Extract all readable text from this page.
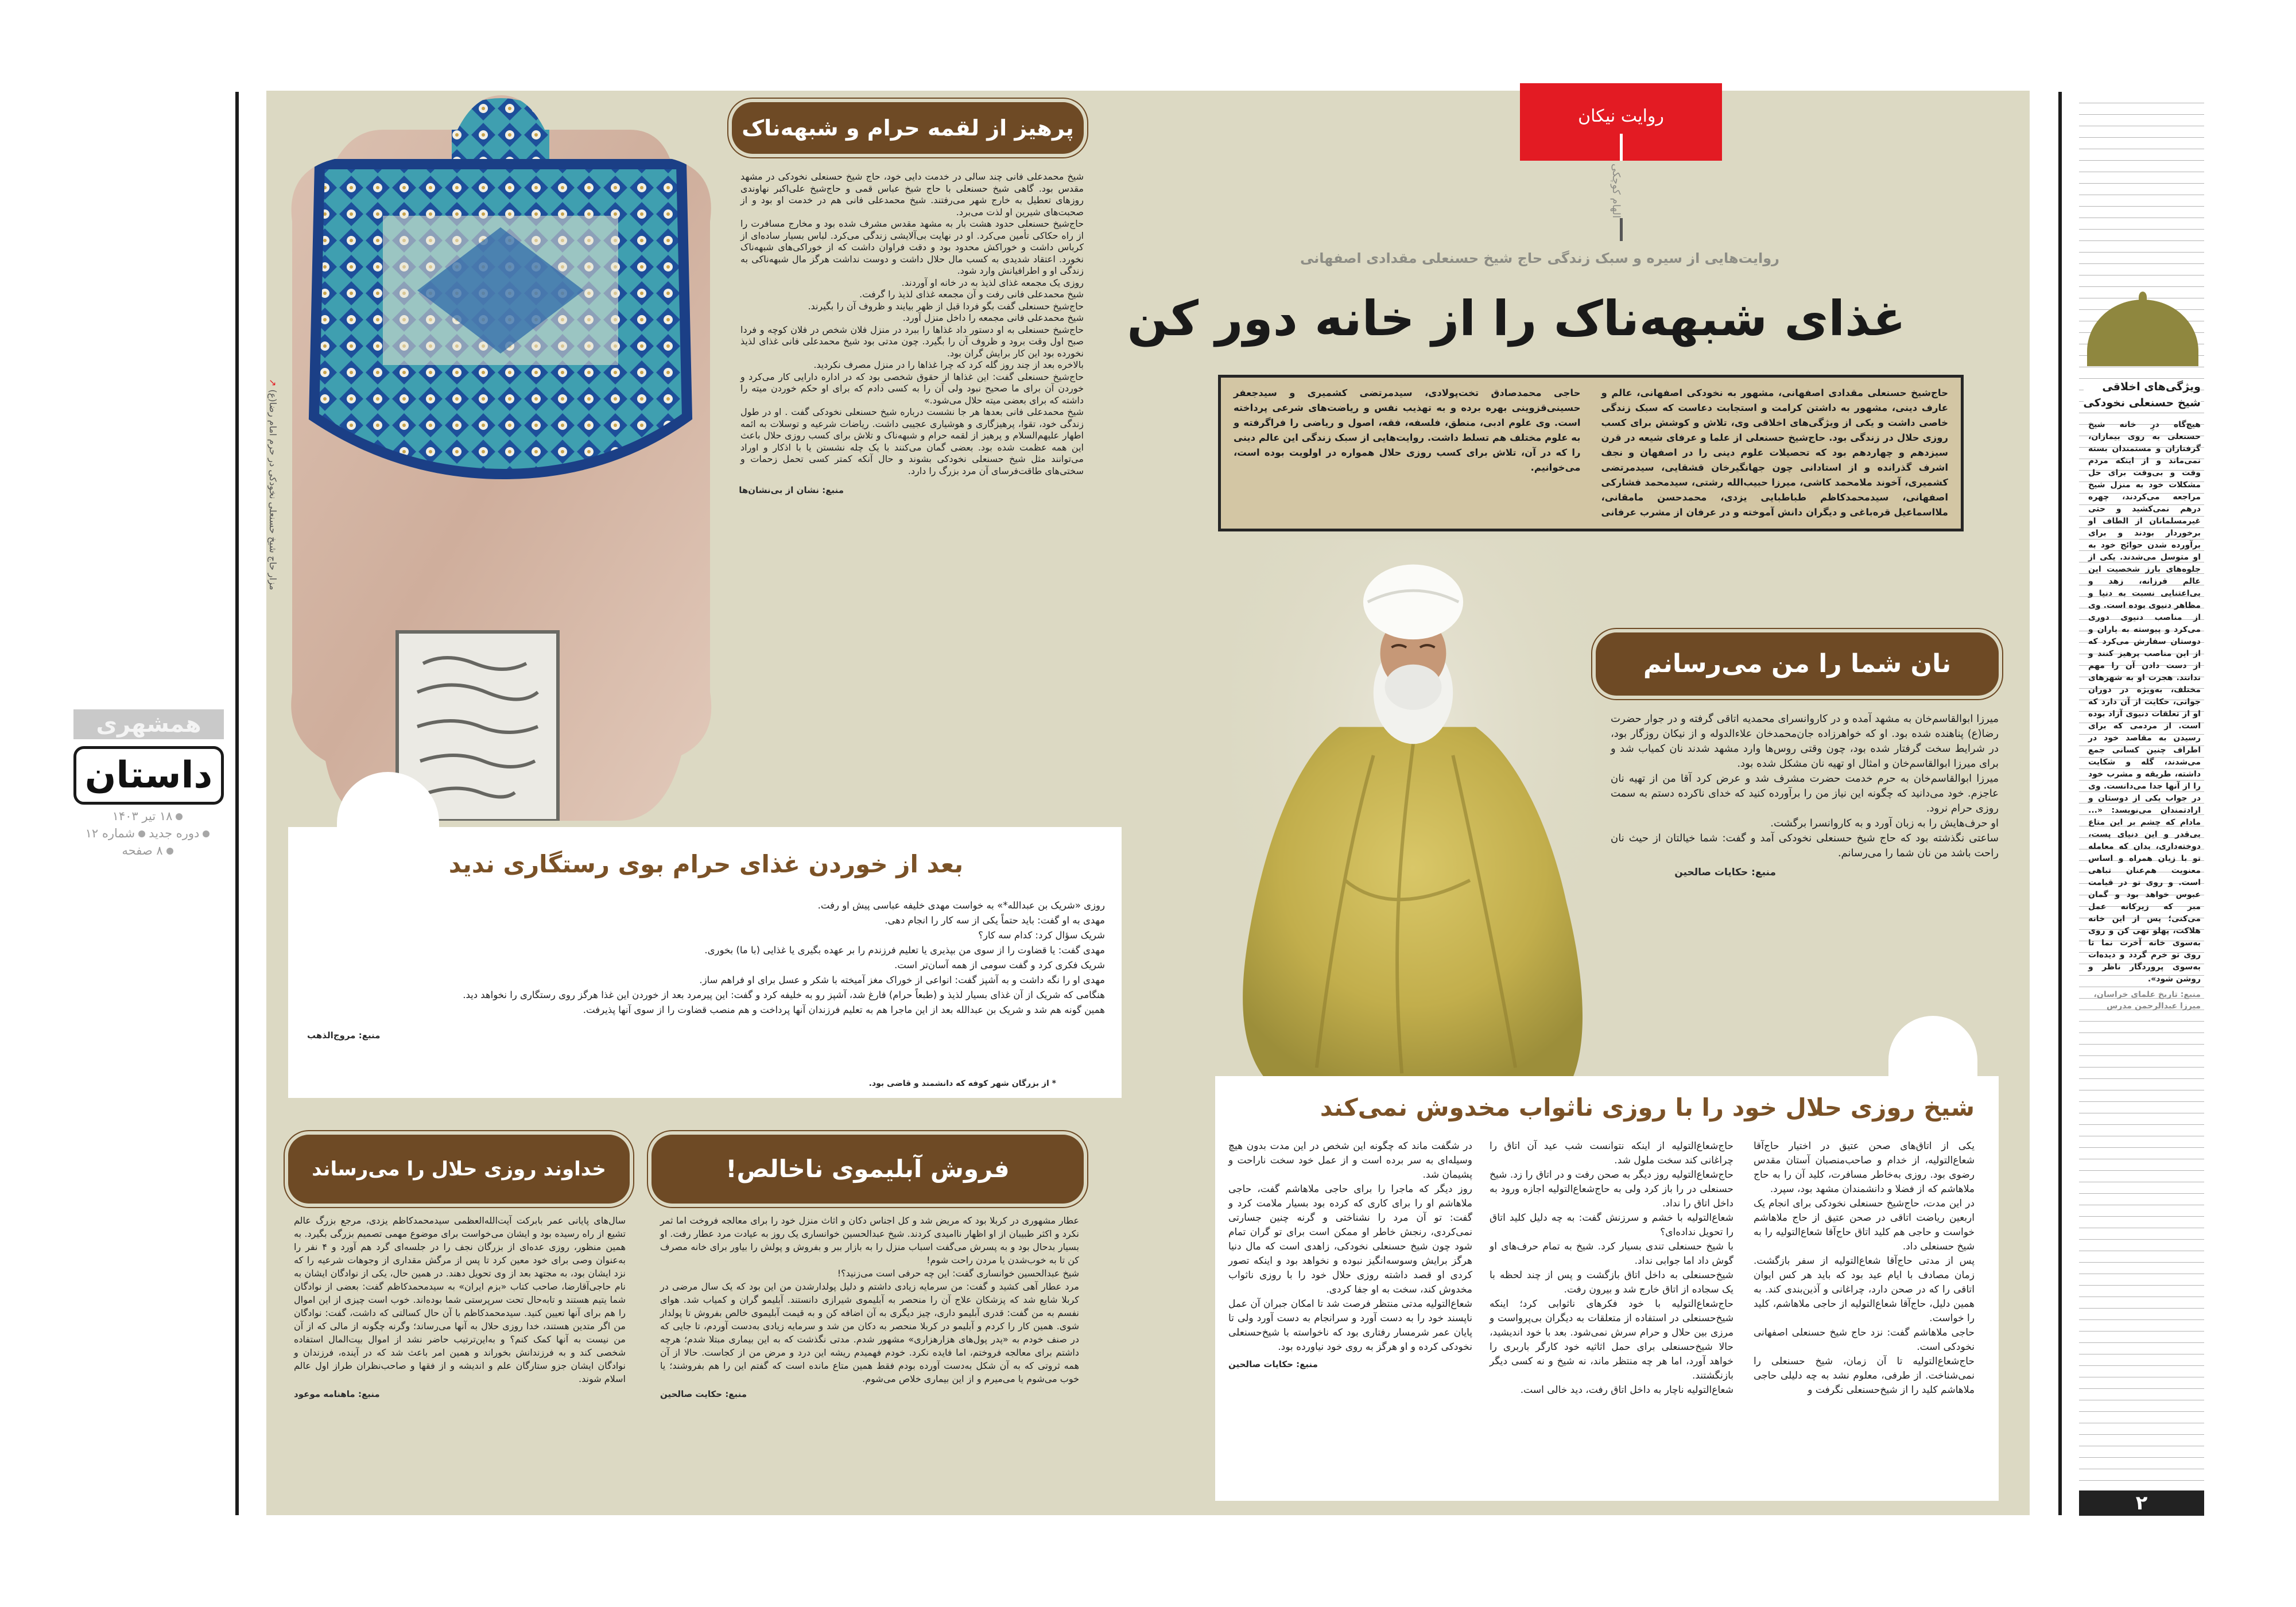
همشهری
داستان
۱۸ تیر ۱۴۰۳
دوره جدیدشماره ۱۲
۸ صفحه
ویژگی‌های اخلاقی
شیخ حسنعلی نخودکی

هیچ‌گاه درِ خانه شیخ حسنعلی به روی بیماران، گرفتاران و مستمندان بسته نمی‌ماند و از اینکه مردم وقت و بی‌وقت برای حل مشکلات خود به منزل شیخ مراجعه می‌کردند، چهره درهم نمی‌کشید و حتی غیرمسلمانان از الطاف او برخوردار بودند و برای برآورده شدن حوائج خود به او متوسل می‌شدند. یکی از جلوه‌های بارز شخصیت این عالم فرزانه، زهد و بی‌اعتنایی نسبت به دنیا و مظاهر دنیوی بوده است. وی از مناصب دنیوی دوری می‌کرد و پیوسته به یاران و دوستان سفارش می‌کرد که از این مناصب پرهیز کنند و از دست دادن آن را مهم ندانند. هجرت او به شهرهای مختلف، به‌ویژه در دوران جوانی، حکایت از آن دارد که او از تعلقات دنیوی آزاد بوده است. از مردمی که برای رسیدن به مقاصد خود در اطراف چنین کسانی جمع می‌شدند، گله و شکایت داشته، طریقه و مشرب خود را از آنها جدا می‌دانست. وی در جواب یکی از دوستان و ارادتمندان می‌نویسد: «... مادام که چشم بر این متاع بی‌قدر و این دنیای پست، دوخته‌داری، بدان که معامله تو با زیان همراه و اساس معنویت هم‌عنان تباهی است. و روی تو در قیامت عبوس خواهد بود و گمان مبر که زیرکانه عمل می‌کنی؛ پس از این خانه هلاکت، پهلو تهی کن و روی به‌سوی خانه آخرت نما تا روی تو خرم گردد و دیده‌ات به‌سوی پروردگار ناظر و روشن شود».

منبع: تاریخ علمای خراسان، میرزا عبدالرحمن مدرس
۲
روایت نیکان
الهام کوچکی
روایت‌هایی از سیره و سبک زندگی حاج شیخ حسنعلی مقدادی اصفهانی
غذای شبهه‌ناک را از خانه دور کن

حاج‌شیخ حسنعلی مقدادی اصفهانی، مشهور به نخودکی اصفهانی، عالم و عارف دینی، مشهور به داشتن کرامت و استجابت دعاست که سبک زندگی خاصی داشت و یکی از ویژگی‌های اخلاقی وی، تلاش و کوشش برای کسب روزی حلال در زندگی بود. حاج‌شیخ حسنعلی از علما و عرفای شیعه در قرن سیزدهم و چهاردهم بود که تحصیلات علوم دینی را در اصفهان و نجف اشرف گذرانده و از استادانی چون جهانگیرخان قشقایی، سیدمرتضی کشمیری، آخوند ملامحمد کاشی، میرزا حبیب‌الله رشتی، سیدمحمد فشارکی اصفهانی، سیدمحمدکاظم طباطبایی یزدی، محمدحسن مامقانی، ملااسماعیل قره‌باغی و دیگران دانش آموخته و در عرفان از مشرب عرفانی حاجی محمدصادق تخت‌پولادی، سیدمرتضی کشمیری و سیدجعفر حسینی‌قزوینی بهره برده و به تهذیب نفس و ریاضت‌های شرعی پرداخته است. وی علوم ادبی، منطق، فلسفه، فقه، اصول و ریاضی را فراگرفته و به علوم مختلف هم تسلط داشت. روایت‌هایی از سبک زندگی این عالم دینی را که در آن، تلاش برای کسب روزی حلال همواره در اولویت بوده است، می‌خوانیم.

نان شما را من می‌رسانم

میرزا ابوالقاسم‌خان به مشهد آمده و در کاروانسرای محمدیه اتاقی گرفته و در جوار حضرت رضا(ع) پناهنده شده بود. او که خواهرزاده جان‌محمدخان علاءالدوله و از نیکان روزگار بود، در شرایط سخت گرفتار شده بود، چون وقتی روس‌ها وارد مشهد شدند نان کمیاب شد و برای میرزا ابوالقاسم‌خان و امثال او تهیه نان مشکل شده بود.

میرزا ابوالقاسم‌خان به حرم خدمت حضرت مشرف شد و عرض کرد آقا من از تهیه نان عاجزم. خود می‌دانید که چگونه این نیاز من را برآورده کنید که خدای ناکرده دستم به سمت روزی حرام نرود.

او حرف‌هایش را به زبان آورد و به کاروانسرا برگشت.

ساعتی نگذشته بود که حاج شیخ حسنعلی نخودکی آمد و گفت: شما خیالتان از حیث نان راحت باشد من نان شما را می‌رسانم.

منبع: حکایات صالحین
شیخ روزی حلال خود را با روزی ناثواب مخدوش نمی‌کند

یکی از اتاق‌های صحن عتیق در اختیار حاج‌آقا شعاع‌التولیه، از خدام و صاحب‌منصبان آستان مقدس رضوی بود. روزی به‌خاطر مسافرت، کلید آن را به حاج ملاهاشم که از فضلا و دانشمندان مشهد بود، سپرد.

در این مدت، حاج‌شیخ حسنعلی نخودکی برای انجام یک اربعین ریاضت اتاقی در صحن عتیق از حاج ملاهاشم خواست و حاجی هم کلید اتاق حاج‌آقا شعاع‌التولیه را به شیخ حسنعلی داد.

پس از مدتی حاج‌آقا شعاع‌التولیه از سفر بازگشت. زمان مصادف با ایام عید بود که باید هر کس ایوان اتاقی را که در صحن دارد، چراغانی و آذین‌بندی کند. به همین دلیل، حاج‌آقا شعاع‌التولیه از حاجی ملاهاشم، کلید را خواست.

حاجی ملاهاشم گفت: نزد حاج شیخ حسنعلی اصفهانی نخودکی است.

حاج‌شعاع‌التولیه تا آن زمان، شیخ حسنعلی را نمی‌شناخت. از طرفی، معلوم نشد به چه دلیلی حاجی ملاهاشم کلید را از شیخ‌حسنعلی نگرفت و

حاج‌شعاع‌التولیه از اینکه نتوانست شب عید آن اتاق را چراغانی کند سخت ملول شد.

حاج‌شعاع‌التولیه روز دیگر به صحن رفت و در اتاق را زد. شیخ حسنعلی در را باز کرد ولی به حاج‌شعاع‌التولیه اجازه ورود به داخل اتاق را نداد.

شعاع‌التولیه با خشم و سرزنش گفت: به چه دلیل کلید اتاق را تحویل نداده‌ای؟

با شیخ حسنعلی تندی بسیار کرد. شیخ به تمام حرف‌های او گوش داد اما جوابی نداد.

شیخ‌حسنعلی به داخل اتاق بازگشت و پس از چند لحظه با یک سجاده از اتاق خارج شد و بیرون رفت.

حاج‌شعاع‌التولیه با خود فکرهای ناثوابی کرد؛ اینکه شیخ‌حسنعلی در استفاده از متعلقات به دیگران بی‌پرواست و مرزی بین حلال و حرام سرش نمی‌شود. بعد با خود اندیشید، حالا شیخ‌حسنعلی برای حمل اثاثیه خود کارگر باربری را خواهد آورد، اما هر چه منتظر ماند، نه شیخ و نه کسی دیگر بازنگشتند.

شعاع‌التولیه ناچار به داخل اتاق رفت، دید خالی است.

در شگفت ماند که چگونه این شخص در این مدت بدون هیچ وسیله‌ای به سر برده است و از عمل خود سخت ناراحت و پشیمان شد.

روز دیگر که ماجرا را برای حاجی ملاهاشم گفت، حاجی ملاهاشم او را برای کاری که کرده بود بسیار ملامت کرد و گفت: تو آن مرد را نشناختی و گرنه چنین جسارتی نمی‌کردی، رنجش خاطر او ممکن است برای تو گران تمام شود چون شیخ حسنعلی نخودکی، زاهدی است که مال دنیا هرگز برایش وسوسه‌انگیز نبوده و نخواهد بود و اینکه تصور کردی او قصد داشته روزی حلال خود را با روزی ناثواب مخدوش کند، سخت به او جفا کردی.

شعاع‌التولیه مدتی منتظر فرصت شد تا امکان جبران آن عمل ناپسند خود را به دست آورد و سرانجام به دست آورد ولی تا پایان عمر شرمسار رفتاری بود که ناخواسته با شیخ‌حسنعلی نخودکی کرده و او هرگز به روی خود نیاورده بود.

منبع: حکایات صالحین
↗ مزار حاج شیخ حسنعلی نخودکی در حرم امام رضا(ع)
پرهیز از لقمه حرام و شبهه‌ناک

شیخ محمدعلی فانی چند سالی در خدمت دایی خود، حاج شیخ حسنعلی نخودکی در مشهد مقدس بود. گاهی شیخ حسنعلی با حاج شیخ عباس قمی و حاج‌شیخ علی‌اکبر نهاوندی روزهای تعطیل به خارج شهر می‌رفتند. شیخ محمدعلی فانی هم در خدمت او بود و از صحبت‌های شیرین او لذت می‌برد.

حاج‌شیخ حسنعلی حدود هشت بار به مشهد مقدس مشرف شده بود و مخارج مسافرت را از راه حکاکی تأمین می‌کرد. او در نهایت بی‌آلایشی زندگی می‌کرد. لباس بسیار ساده‌ای از کرباس داشت و خوراکش محدود بود و دقت فراوان داشت که از خوراکی‌های شبهه‌ناک نخورد. اعتقاد شدیدی به کسب مال حلال داشت و دوست نداشت هرگز مال شبهه‌ناکی به زندگی او و اطرافیانش وارد شود.

روزی یک مجمعه غذای لذیذ به در خانه او آوردند.

شیخ محمدعلی فانی رفت و آن مجمعه غذای لذیذ را گرفت.

حاج‌شیخ حسنعلی گفت بگو فردا قبل از ظهر بیایند و ظروف آن را بگیرند.

شیخ محمدعلی فانی مجمعه را داخل منزل آورد.

حاج‌شیخ حسنعلی به او دستور داد غذاها را ببرد در منزل فلان شخص در فلان کوچه و فردا صبح اول وقت برود و ظروف آن را بگیرد. چون مدتی بود شیخ محمدعلی فانی غذای لذیذ نخورده بود این کار برایش گران بود.

بالاخره بعد از چند روز گله کرد که چرا غذاها را در منزل مصرف نکردید.

حاج‌شیخ حسنعلی گفت: این غذاها از حقوق شخصی بود که در اداره دارایی کار می‌کرد و خوردن آن برای ما صحیح نبود ولی آن را به کسی دادم که برای او حکم خوردن میته را داشته که برای بعضی میته حلال می‌شود.»

شیخ محمدعلی فانی بعدها هر جا نشست درباره شیخ حسنعلی نخودکی گفت . او در طول زندگی خود، تقوا، پرهیزگاری و هوشیاری عجیبی داشت. ریاضات شرعیه و توسلات به ائمه اطهار علیهم‌السلام و پرهیز از لقمه حرام و شبهه‌ناک و تلاش برای کسب روزی حلال باعث این همه عظمت شده بود. بعضی گمان می‌کنند با یک چله نشستن یا با اذکار و اوراد می‌توانند مثل شیخ حسنعلی نخودکی بشوند و حال آنکه کمتر کسی تحمل زحمات و سختی‌های طاقت‌فرسای آن مرد بزرگ را دارد.

منبع: نشان از بی‌نشان‌ها
بعد از خوردن غذای حرام بوی رستگاری ندید

روزی «شریک بن عبدالله*» به خواست مهدی خلیفه عباسی پیش او رفت.

مهدی به او گفت: باید حتماً یکی از سه کار را انجام دهی.

شریک سؤال کرد: کدام سه کار؟

مهدی گفت: یا قضاوت را از سوی من بپذیری یا تعلیم فرزندم را بر عهده بگیری یا غذایی (با ما) بخوری.

شریک فکری کرد و گفت سومی از همه آسان‌تر است.

مهدی او را نگه داشت و به آشپز گفت: انواعی از خوراک مغز آمیخته با شکر و عسل برای او فراهم ساز.

هنگامی که شریک از آن غذای بسیار لذیذ و (طبعاً حرام) فارغ شد، آشپز رو به خلیفه کرد و گفت: این پیرمرد بعد از خوردن این غذا هرگز روی رستگاری را نخواهد دید.

همین گونه هم شد و شریک بن عبدالله بعد از این ماجرا هم به تعلیم فرزندان آنها پرداخت و هم منصب قضاوت را از سوی آنها پذیرفت.

منبع: مروج‌الذهب
* از بزرگان شهر کوفه که دانشمند و قاضی بود.
فروش آبلیموی ناخالص!

عطار مشهوری در کربلا بود که مریض شد و کل اجناس دکان و اثاث منزل خود را برای معالجه فروخت اما ثمر نکرد و اکثر طبیبان از او اظهار ناامیدی کردند. شیخ عبدالحسین خوانساری یک روز به عیادت مرد عطار رفت. او بسیار بدحال بود و به پسرش می‌گفت اسباب منزل را به بازار ببر و بفروش و پولش را بیاور برای خانه مصرف کن تا به خوب‌شدن یا مردن راحت شوم!

شیخ عبدالحسین خوانساری گفت: این چه حرفی است می‌زنید؟!

مرد عطار آهی کشید و گفت: من سرمایه زیادی داشتم و دلیل پولدارشدن من این بود که یک سال مرضی در کربلا شایع شد که پزشکان علاج آن را منحصر به آبلیموی شیرازی دانستند. آبلیمو گران و کمیاب شد. هوای نفسم به من گفت: قدری آبلیمو داری، چیز دیگری به آن اضافه کن و به قیمت آبلیموی خالص بفروش تا پولدار شوی. همین کار را کردم و آبلیمو در کربلا منحصر به دکان من شد و سرمایه زیادی به‌دست آوردم، تا جایی که در صنف خودم به «پدر پول‌های هزارهزاری» مشهور شدم. مدتی نگذشت که به این بیماری مبتلا شدم؛ هرچه داشتم برای معالجه فروختم، اما فایده نکرد. خودم فهمیدم ریشه این درد و مرض من از کجاست. حالا از آن همه ثروتی که به آن شکل به‌دست آورده بودم فقط همین متاع مانده است که گفتم این را هم بفروشند؛ یا خوب می‌شوم یا می‌میرم و از این بیماری خلاص می‌شوم.

منبع: حکایت صالحین
خداوند روزی حلال را می‌رساند

سال‌های پایانی عمر بابرکت آیت‌الله‌العظمی سیدمحمدکاظم یزدی، مرجع بزرگ عالم تشیع از راه رسیده بود و ایشان می‌خواست برای موضوع مهمی تصمیم بزرگی بگیرد. به همین منظور، روزی عده‌ای از بزرگان نجف را در جلسه‌ای گرد هم آورد و ۴ نفر را به‌عنوان وصی برای خود معین کرد تا پس از مرگش مقداری از وجوهات شرعیه را که نزد ایشان بود، به مجتهد بعد از وی تحویل دهند. در همین حال، یکی از نوادگان ایشان به نام حاجی‌آقارضا، صاحب کتاب «بزم ایران» به سیدمحمدکاظم گفت: بعضی از نوادگان شما یتیم هستند و تابه‌حال تحت سرپرستی شما بوده‌اند. خوب است چیزی از این اموال را هم برای آنها تعیین کنید. سیدمحمدکاظم با آن حال کسالتی که داشت، گفت: نوادگان من اگر متدین هستند، خدا روزی حلال به آنها می‌رساند؛ وگرنه چگونه از مالی که از آن من نیست به آنها کمک کنم؟ و به‌این‌ترتیب حاضر نشد از اموال بیت‌المال استفاده شخصی کند و به فرزندانش بخوراند و همین امر باعث شد که در آینده، فرزندان و نوادگان ایشان جزو ستارگان علم و اندیشه و از فقها و صاحب‌نظران طراز اول عالم اسلام شوند.

منبع: ماهنامه موعود
